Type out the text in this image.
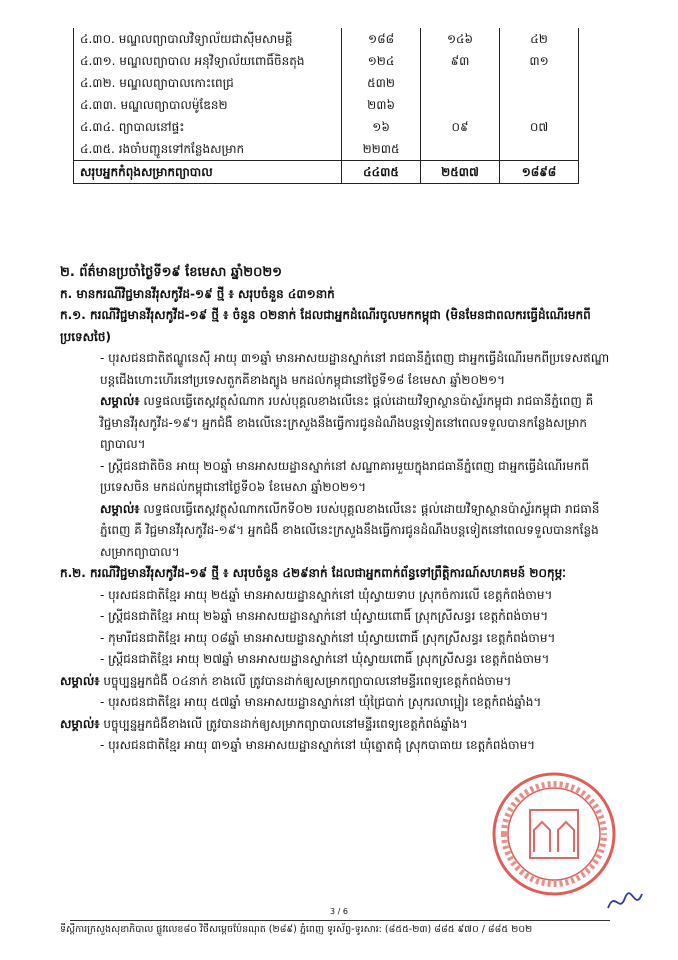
៤.៣០. មណ្ឌលព្យាបាលវិទ្យាល័យជាស៊ីមសាមគ្គី	១៨៨	១៤៦	៤២
៤.៣១. មណ្ឌលព្យាបាល អនុវិទ្យាល័យពោធិ៍ចិនតុង	១២៤	៩៣	៣១
៤.៣២. មណ្ឌលព្យាបាលកោះពេជ្រ	៥៣២		
៤.៣៣. មណ្ឌលព្យាបាលម៉ូឌែន២	២៣៦		
៤.៣៤. ព្យាបាលនៅផ្ទះ	១៦	០៩	០៧
៤.៣៥. រងចាំបញ្ជូនទៅកន្លែងសម្រាក	២២៣៥		
សរុបអ្នកកំពុងសម្រាកព្យាបាល	៤៤៣៥	២៥៣៧	១៨៩៨

២. ព័ត៌មានប្រចាំថ្ងៃទី១៩ ខែមេសា ឆ្នាំ២០២១

ក. មានករណីវិជ្ជមានវីរុសកូវីដ-១៩ ថ្មី ៖ សរុបចំនួន ៤៣១នាក់

ក.១. ករណីវិជ្ជមានវីរុសកូវីដ-១៩ ថ្មី ៖ ចំនួន ០២នាក់ ដែលជាអ្នកដំណើរចូលមកកម្ពុជា (មិនមែនជាពលករធ្វើដំណើរមកពីប្រទេសថៃ)

- បុរសជនជាតិឥណ្ឌូនេស៊ី អាយុ ៣១ឆ្នាំ មានអាសយដ្ឋានស្នាក់នៅ រាជធានីភ្នំពេញ ជាអ្នកធ្វើដំណើរមកពីប្រទេសឥណ្ឌា បន្តជើងហោះហើរនៅប្រទេសតួកគីខាងត្បូង មកដល់កម្ពុជានៅថ្ងៃទី១៨ ខែមេសា ឆ្នាំ២០២១។

សម្គាល់៖ លទ្ធផលធ្វើតេស្តវត្ថុសំណាក របស់បុគ្គលខាងលើនេះ ផ្តល់ដោយវិទ្យាស្ថានប៉ាស្ទ័រកម្ពុជា រាជធានីភ្នំពេញ គឺ វិជ្ជមានវីរុសកូវីដ-១៩។ អ្នកជំងឺ ខាងលើនេះក្រសួងនឹងធ្វើការជូនដំណឹងបន្តទៀតនៅពេលទទួលបានកន្លែងសម្រាកព្យាបាល។

- ស្ត្រីជនជាតិចិន អាយុ ២០ឆ្នាំ មានអាសយដ្ឋានស្នាក់នៅ សណ្ឋាគារមួយក្នុងរាជធានីភ្នំពេញ ជាអ្នកធ្វើដំណើរមកពីប្រទេសចិន មកដល់កម្ពុជានៅថ្ងៃទី០៦ ខែមេសា ឆ្នាំ២០២១។

សម្គាល់៖ លទ្ធផលធ្វើតេស្តវត្ថុសំណាកលើកទី០២ របស់បុគ្គលខាងលើនេះ ផ្តល់ដោយវិទ្យាស្ថានប៉ាស្ទ័រកម្ពុជា រាជធានីភ្នំពេញ គឺ វិជ្ជមានវីរុសកូវីដ-១៩។ អ្នកជំងឺ ខាងលើនេះក្រសួងនឹងធ្វើការជូនដំណឹងបន្តទៀតនៅពេលទទួលបានកន្លែងសម្រាកព្យាបាល។

ក.២. ករណីវិជ្ជមានវីរុសកូវីដ-១៩ ថ្មី ៖ សរុបចំនួន ៤២៩នាក់ ដែលជាអ្នកពាក់ព័ន្ធទៅព្រឹត្តិការណ៍សហគមន៍ ២០កុម្ភៈ

- បុរសជនជាតិខ្មែរ អាយុ ២៥ឆ្នាំ មានអាសយដ្ឋានស្នាក់នៅ ឃុំស្វាយទាប ស្រុកចំការលើ ខេត្តកំពង់ចាម។

- ស្ត្រីជនជាតិខ្មែរ អាយុ ២៦ឆ្នាំ មានអាសយដ្ឋានស្នាក់នៅ ឃុំស្វាយពោធិ៍ ស្រុកស្រីសន្ធរ ខេត្តកំពង់ចាម។

- កុមារីជនជាតិខ្មែរ អាយុ ០៨ឆ្នាំ មានអាសយដ្ឋានស្នាក់នៅ ឃុំស្វាយពោធិ៍ ស្រុកស្រីសន្ធរ ខេត្តកំពង់ចាម។

- ស្ត្រីជនជាតិខ្មែរ អាយុ ២៧ឆ្នាំ មានអាសយដ្ឋានស្នាក់នៅ ឃុំស្វាយពោធិ៍ ស្រុកស្រីសន្ធរ ខេត្តកំពង់ចាម។

សម្គាល់៖ បច្ចុប្បន្នអ្នកជំងឺ ០៤នាក់ ខាងលើ ត្រូវបានដាក់ឲ្យសម្រាកព្យាបាលនៅមន្ទីរពេទ្យខេត្តកំពង់ចាម។

- បុរសជនជាតិខ្មែរ អាយុ ៥៧ឆ្នាំ មានអាសយដ្ឋានស្នាក់នៅ ឃុំជ្រៃបាក់ ស្រុករលាប្អៀរ ខេត្តកំពង់ឆ្នាំង។

សម្គាល់៖ បច្ចុប្បន្នអ្នកជំងឺខាងលើ ត្រូវបានដាក់ឲ្យសម្រាកព្យាបាលនៅមន្ទីរពេទ្យខេត្តកំពង់ឆ្នាំង។

- បុរសជនជាតិខ្មែរ អាយុ ៣១ឆ្នាំ មានអាសយដ្ឋានស្នាក់នៅ ឃុំត្នោតជុំ ស្រុកបាធាយ ខេត្តកំពង់ចាម។

3 / 6
ទីស្តីការក្រសួងសុខាភិបាល ផ្លូវលេខ៨០ វិថីសម្តេចប៉ែនណុត (២៨៩) ភ្នំពេញ ទូរស័ព្ទ-ទូរសារ: (៨៥៥-២៣) ៨៨៥ ៩៧០ / ៨៨៥ ២០២
